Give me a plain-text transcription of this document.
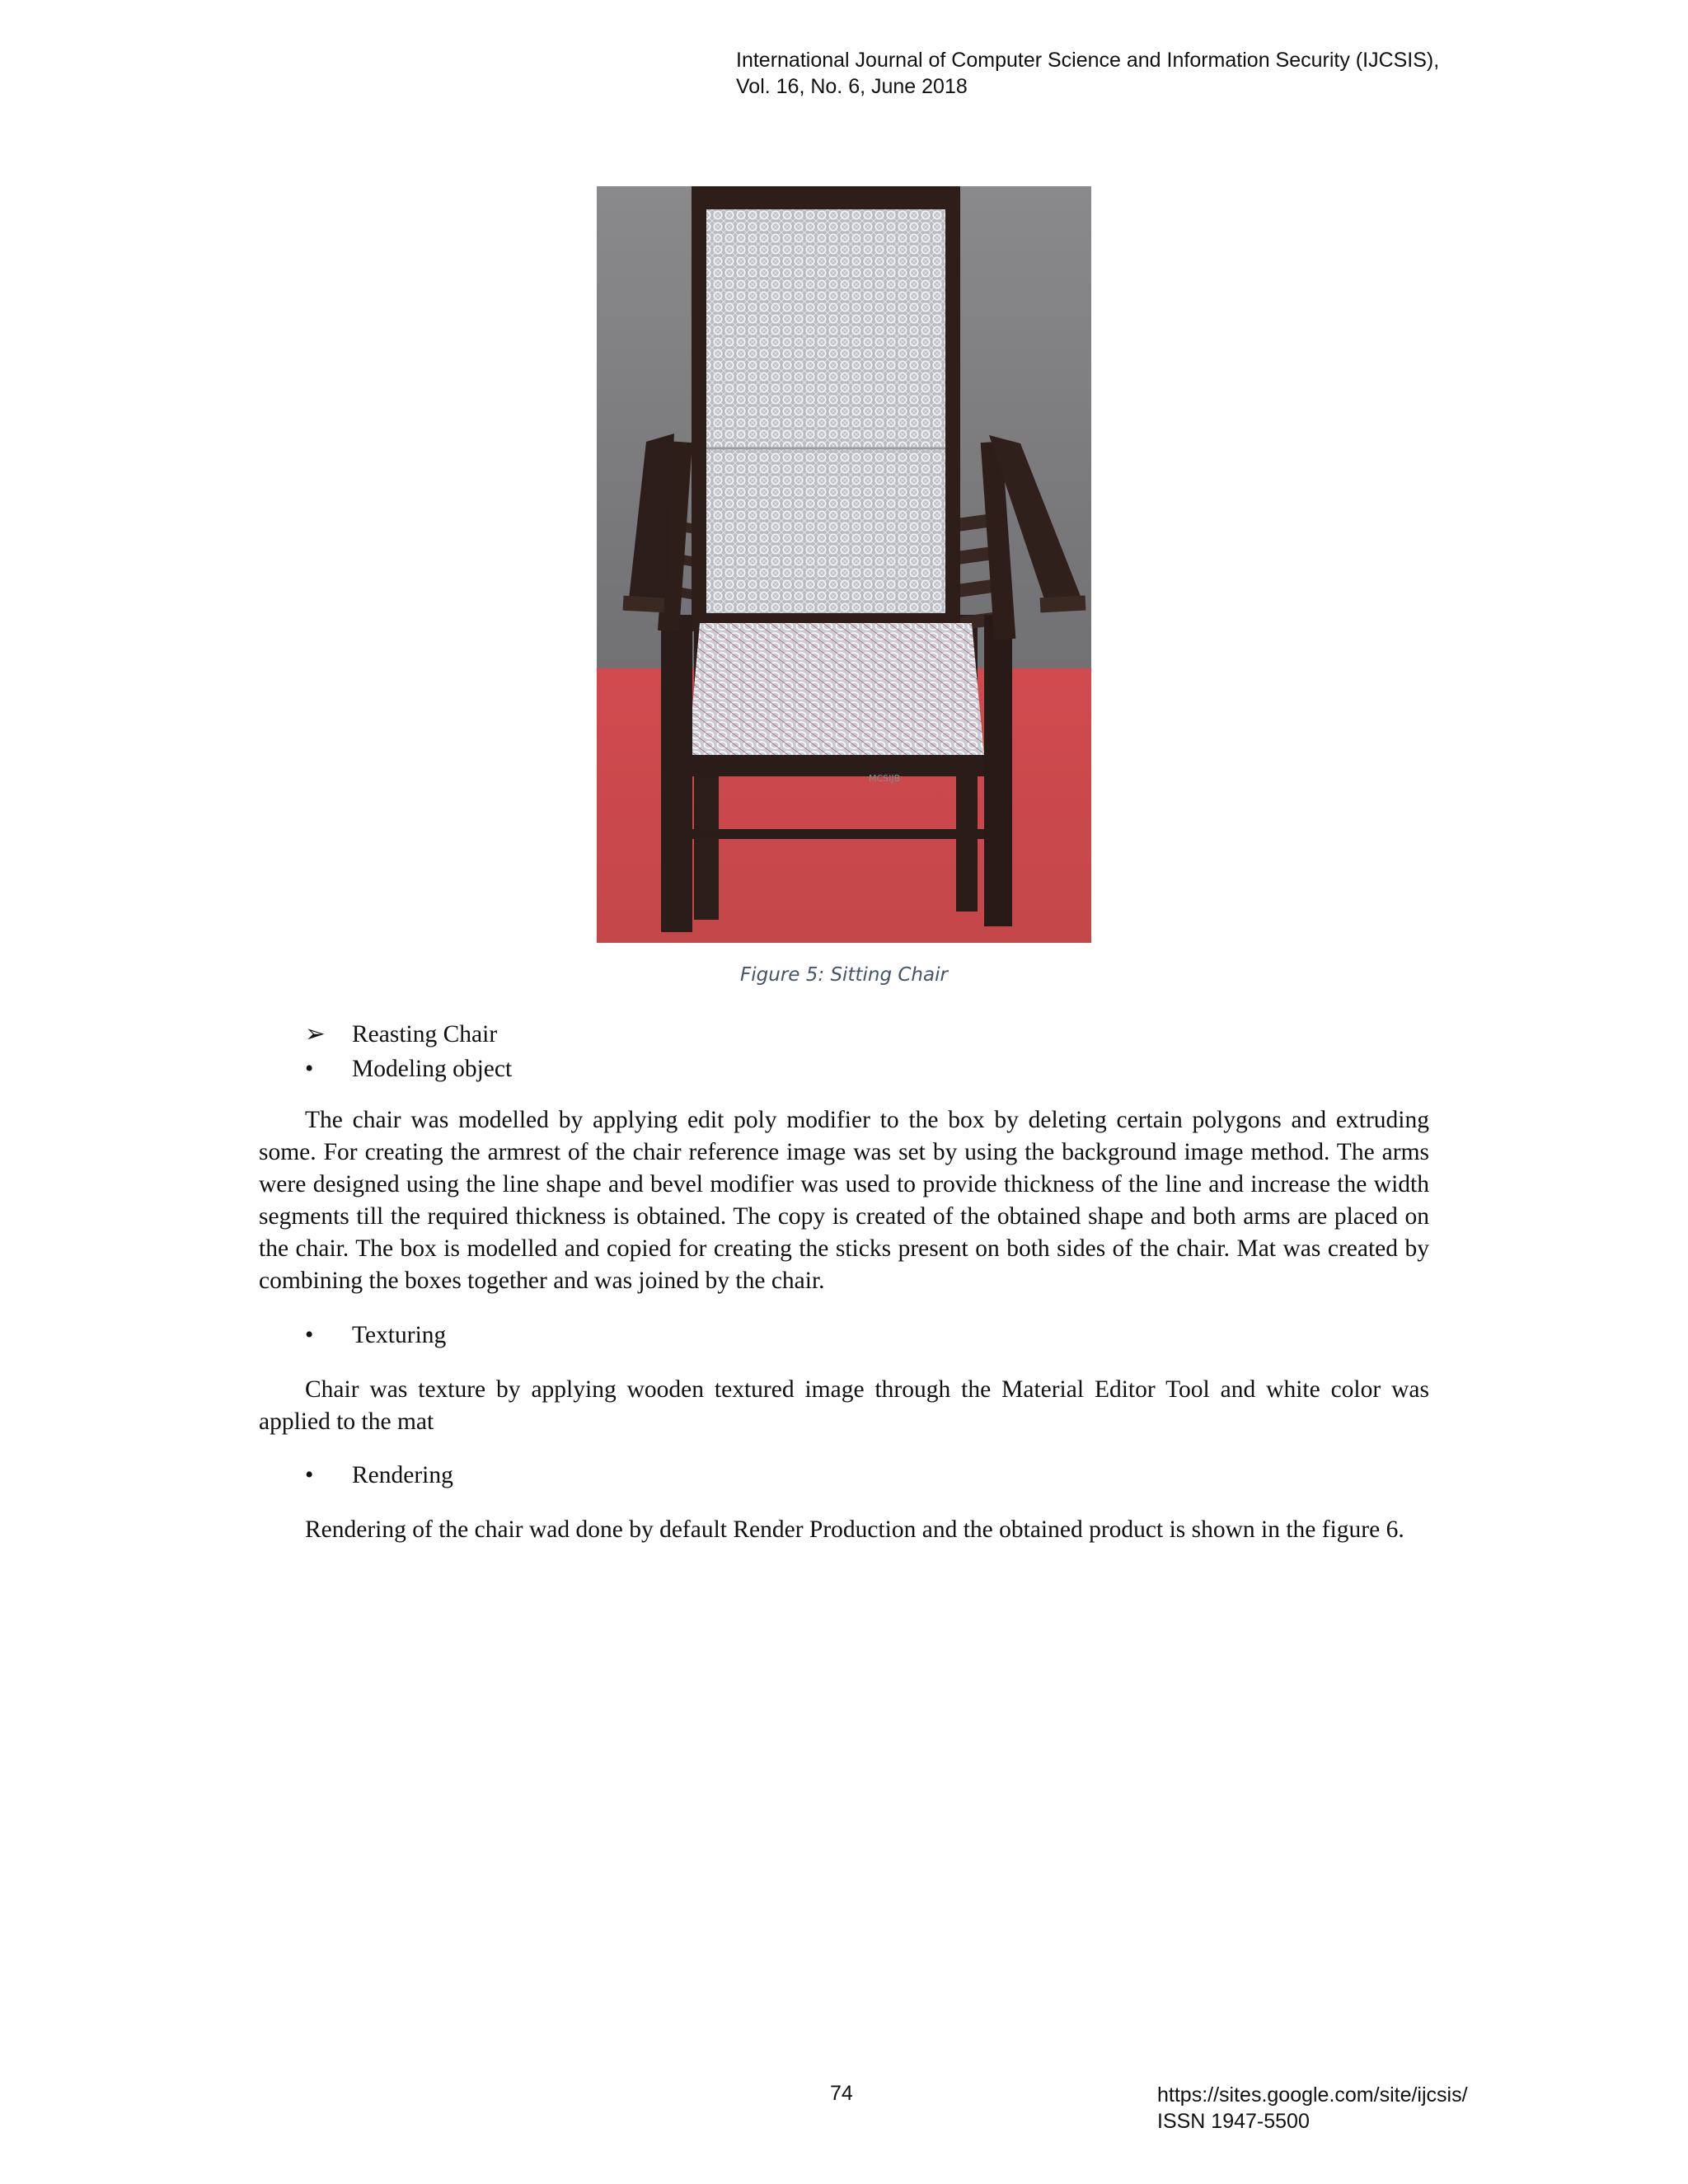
International Journal of Computer Science and Information Security (IJCSIS),
Vol. 16, No. 6, June 2018
MCSIJB
Figure 5: Sitting Chair
➢ Reasting Chair
• Modeling object
The chair was modelled by applying edit poly modifier to the box by deleting certain polygons and extruding some. For creating the armrest of the chair reference image was set by using the background image method. The arms were designed using the line shape and bevel modifier was used to provide thickness of the line and increase the width segments till the required thickness is obtained. The copy is created of the obtained shape and both arms are placed on the chair. The box is modelled and copied for creating the sticks present on both sides of the chair. Mat was created by combining the boxes together and was joined by the chair.
• Texturing
Chair was texture by applying wooden textured image through the Material Editor Tool and white color was applied to the mat
• Rendering
Rendering of the chair wad done by default Render Production and the obtained product is shown in the figure 6.
74	https://sites.google.com/site/ijcsis/
ISSN 1947-5500
